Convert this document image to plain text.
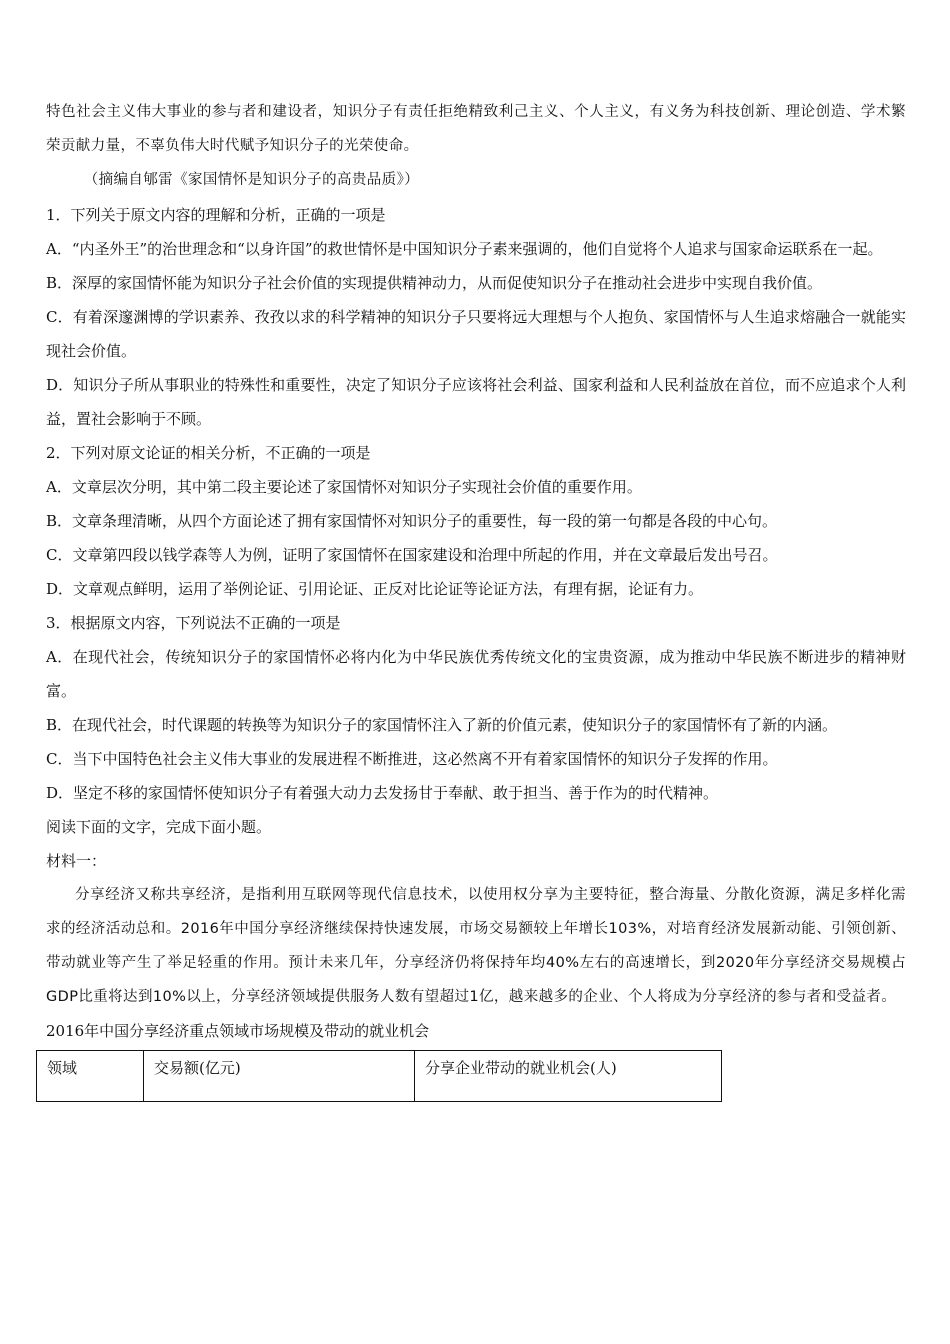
特色社会主义伟大事业的参与者和建设者，知识分子有责任拒绝精致利己主义、个人主义，有义务为科技创新、理论创造、学术繁荣贡献力量，不辜负伟大时代赋予知识分子的光荣使命。

（摘编自郇雷《家国情怀是知识分子的高贵品质》）

1．下列关于原文内容的理解和分析，正确的一项是

A．“内圣外王”的治世理念和“以身许国”的救世情怀是中国知识分子素来强调的，他们自觉将个人追求与国家命运联系在一起。

B．深厚的家国情怀能为知识分子社会价值的实现提供精神动力，从而促使知识分子在推动社会进步中实现自我价值。

C．有着深邃渊博的学识素养、孜孜以求的科学精神的知识分子只要将远大理想与个人抱负、家国情怀与人生追求熔融合一就能实现社会价值。

D．知识分子所从事职业的特殊性和重要性，决定了知识分子应该将社会利益、国家利益和人民利益放在首位，而不应追求个人利益，置社会影响于不顾。

2．下列对原文论证的相关分析，不正确的一项是

A．文章层次分明，其中第二段主要论述了家国情怀对知识分子实现社会价值的重要作用。

B．文章条理清晰，从四个方面论述了拥有家国情怀对知识分子的重要性，每一段的第一句都是各段的中心句。

C．文章第四段以钱学森等人为例，证明了家国情怀在国家建设和治理中所起的作用，并在文章最后发出号召。

D．文章观点鲜明，运用了举例论证、引用论证、正反对比论证等论证方法，有理有据，论证有力。

3．根据原文内容，下列说法不正确的一项是

A．在现代社会，传统知识分子的家国情怀必将内化为中华民族优秀传统文化的宝贵资源，成为推动中华民族不断进步的精神财富。

B．在现代社会，时代课题的转换等为知识分子的家国情怀注入了新的价值元素，使知识分子的家国情怀有了新的内涵。

C．当下中国特色社会主义伟大事业的发展进程不断推进，这必然离不开有着家国情怀的知识分子发挥的作用。

D．坚定不移的家国情怀使知识分子有着强大动力去发扬甘于奉献、敢于担当、善于作为的时代精神。

阅读下面的文字，完成下面小题。

材料一：

分享经济又称共享经济，是指利用互联网等现代信息技术，以使用权分享为主要特征，整合海量、分散化资源，满足多样化需求的经济活动总和。2016年中国分享经济继续保持快速发展，市场交易额较上年增长103%，对培育经济发展新动能、引领创新、带动就业等产生了举足轻重的作用。预计未来几年，分享经济仍将保持年均40%左右的高速增长，到2020年分享经济交易规模占GDP比重将达到10%以上，分享经济领域提供服务人数有望超过1亿，越来越多的企业、个人将成为分享经济的参与者和受益者。

2016年中国分享经济重点领域市场规模及带动的就业机会

领域	交易额(亿元)	分享企业带动的就业机会(人)
